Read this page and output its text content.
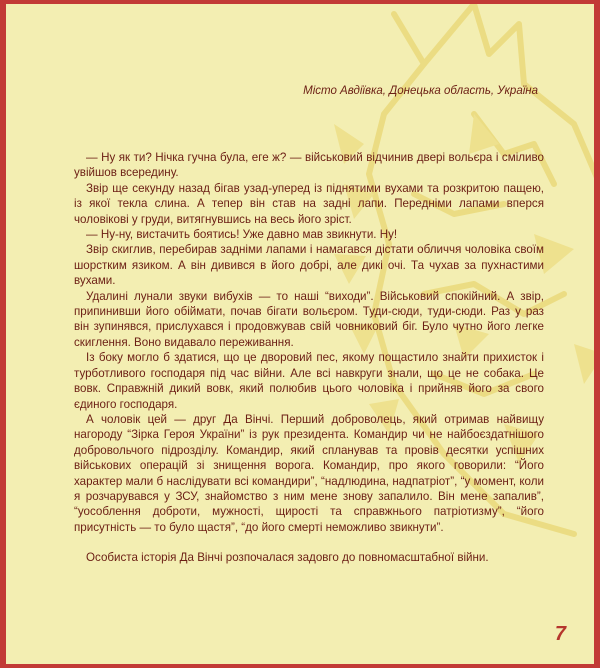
Місто Авдіївка, Донецька область, Україна

— Ну як ти? Нічка гучна була, еге ж? — військовий відчинив двері вольєра і сміливо увійшов всередину.

Звір ще секунду назад бігав узад-уперед із піднятими вухами та розкритою пащею, із якої текла слина. А тепер він став на задні лапи. Передніми лапами вперся чоловікові у груди, витягнувшись на весь його зріст.

— Ну-ну, вистачить боятись! Уже давно мав звикнути. Ну!

Звір скиглив, перебирав задніми лапами і намагався дістати обличчя чоловіка своїм шорстким язиком. А він дивився в його добрі, але дикі очі. Та чухав за пухнастими вухами.

Удалині лунали звуки вибухів — то наші “виходи”. Військовий спокійний. А звір, припинивши його обіймати, почав бігати вольєром. Туди-сюди, туди-сюди. Раз у раз він зупинявся, прислухався і продовжував свій човниковий біг. Було чутно його легке скиглення. Воно видавало переживання.

Із боку могло б здатися, що це дворовий пес, якому пощастило знайти прихисток і турботливого господаря під час війни. Але всі навкруги знали, що це не собака. Це вовк. Справжній дикий вовк, який полюбив цього чоловіка і прийняв його за свого єдиного господаря.

А чоловік цей — друг Да Вінчі. Перший доброволець, який отримав найвищу нагороду “Зірка Героя України” із рук президента. Командир чи не найбоєздатнішого добровольчого підрозділу. Командир, який спланував та провів десятки успішних військових операцій зі знищення ворога. Командир, про якого говорили: “Його характер мали б наслідувати всі командири”, “надлюдина, надпатріот”, “у момент, коли я розчарувався у ЗСУ, знайомство з ним мене знову запалило. Він мене запалив”, “уособлення доброти, мужності, щирості та справжнього патріотизму”, “його присутність — то було щастя”, “до його смерті неможливо звикнути”.

Особиста історія Да Вінчі розпочалася задовго до повномасштабної війни.

7
